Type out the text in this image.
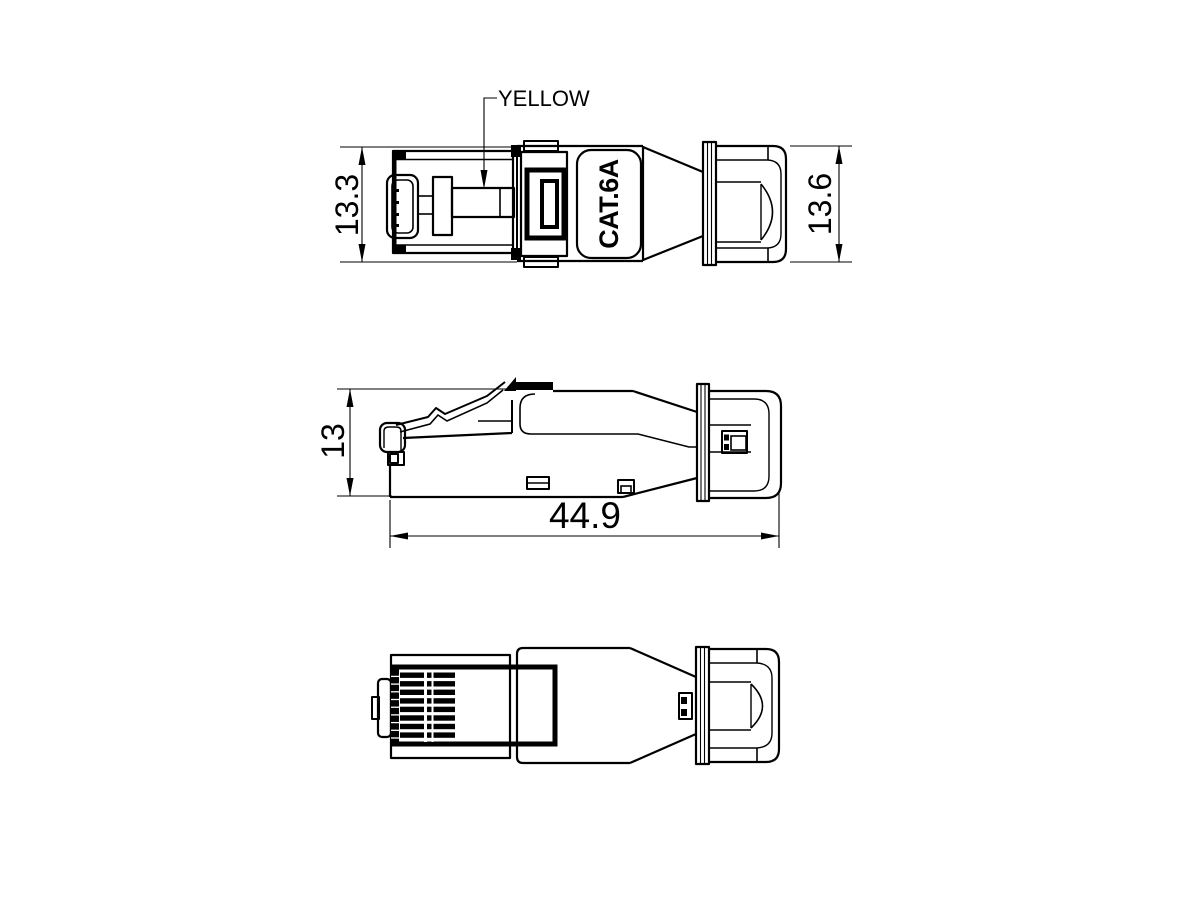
13.3	13.6
YELLOW
CAT.6A
13
44.9
